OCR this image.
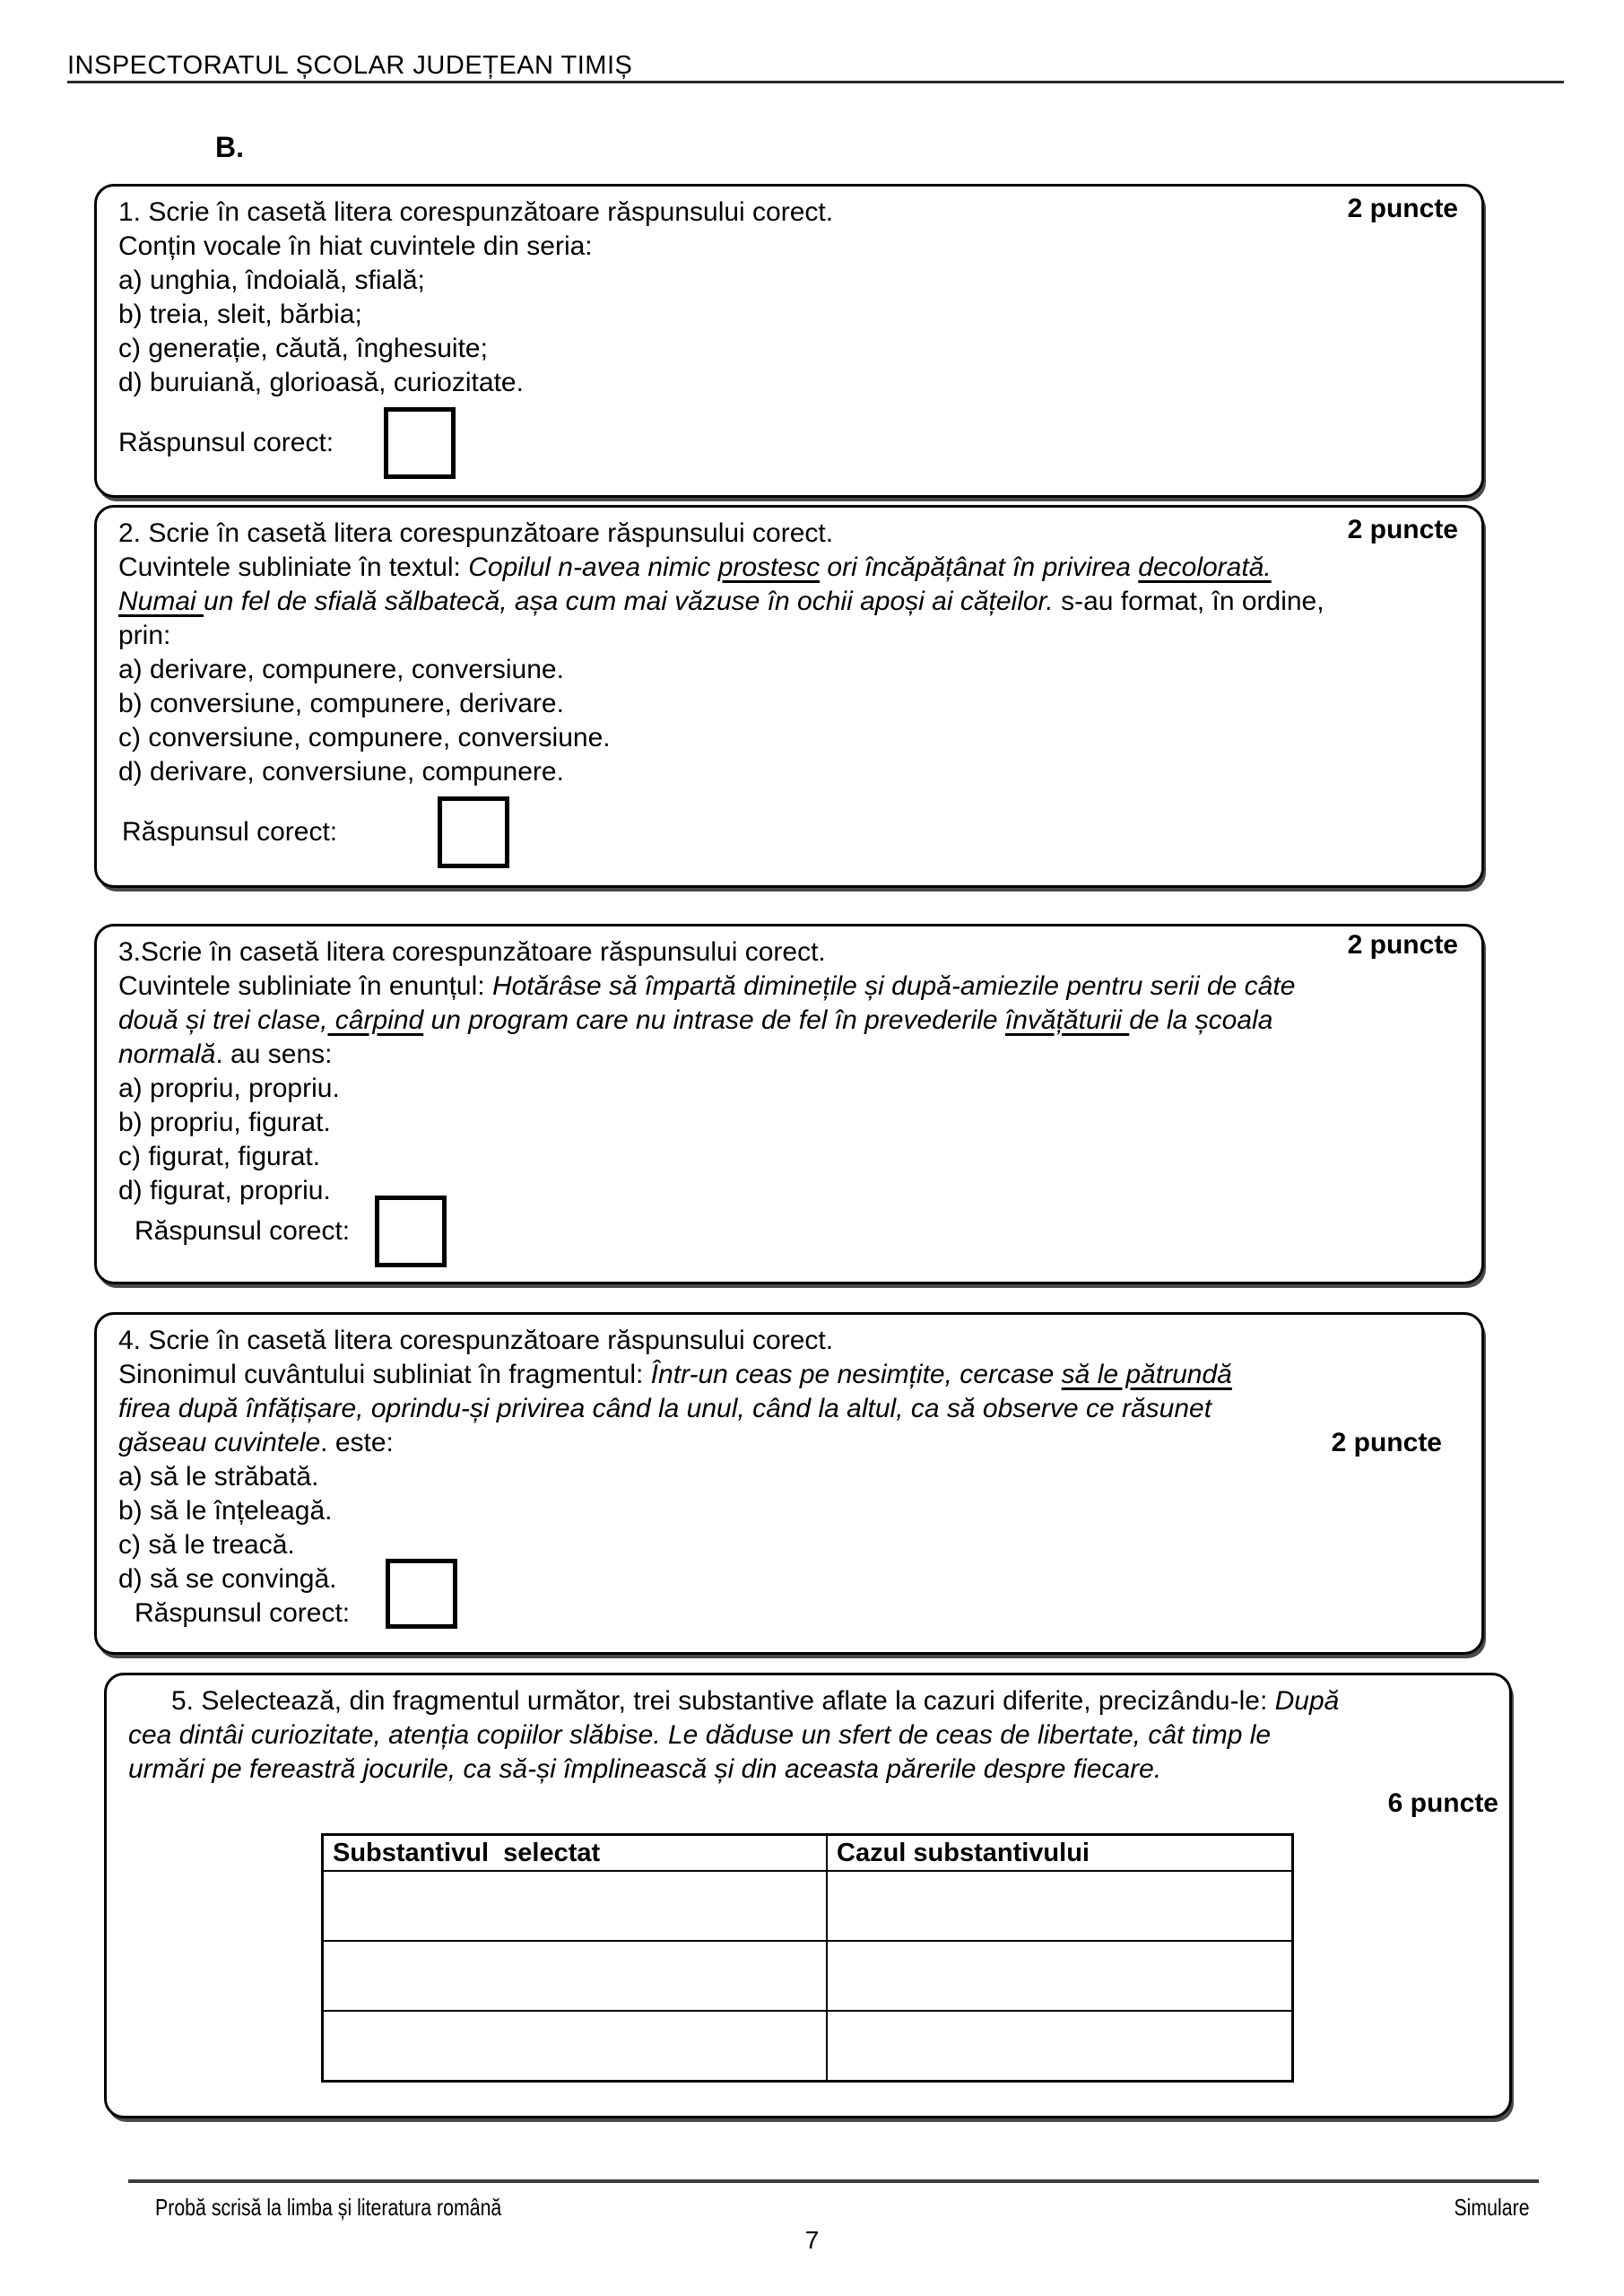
INSPECTORATUL ȘCOLAR JUDEȚEAN TIMIȘ
B.
2 puncte
1. Scrie în casetă litera corespunzătoare răspunsului corect.
Conțin vocale în hiat cuvintele din seria:
a) unghia, îndoială, sfială;
b) treia, sleit, bărbia;
c) generație, căută, înghesuite;
d) buruiană, glorioasă, curiozitate.
Răspunsul corect:
2 puncte
2. Scrie în casetă litera corespunzătoare răspunsului corect.
Cuvintele subliniate în textul: Copilul n-avea nimic prostesc ori încăpățânat în privirea decolorată.
Numai un fel de sfială sălbatecă, așa cum mai văzuse în ochii apoși ai cățeilor. s-au format, în ordine,
prin:
a) derivare, compunere, conversiune.
b) conversiune, compunere, derivare.
c) conversiune, compunere, conversiune.
d) derivare, conversiune, compunere.
Răspunsul corect:
2 puncte
3.Scrie în casetă litera corespunzătoare răspunsului corect.
Cuvintele subliniate în enunțul: Hotărâse să împartă diminețile și după-amiezile pentru serii de câte
două și trei clase, cârpind un program care nu intrase de fel în prevederile învățăturii de la școala
normală. au sens:
a) propriu, propriu.
b) propriu, figurat.
c) figurat, figurat.
d) figurat, propriu.
Răspunsul corect:
4. Scrie în casetă litera corespunzătoare răspunsului corect.
Sinonimul cuvântului subliniat în fragmentul: Într-un ceas pe nesimțite, cercase să le pătrundă
firea după înfățișare, oprindu-și privirea când la unul, când la altul, ca să observe ce răsunet
găseau cuvintele. este:	2 puncte
a) să le străbată.
b) să le înțeleagă.
c) să le treacă.
d) să se convingă.
Răspunsul corect:
5. Selectează, din fragmentul următor, trei substantive aflate la cazuri diferite, precizându-le: După
cea dintâi curiozitate, atenția copiilor slăbise. Le dăduse un sfert de ceas de libertate, cât timp le
urmări pe fereastră jocurile, ca să-și împlinească și din aceasta părerile despre fiecare.
6 puncte
Substantivul  selectat	Cazul substantivului

Probă scrisă la limba și literatura română	Simulare
7
